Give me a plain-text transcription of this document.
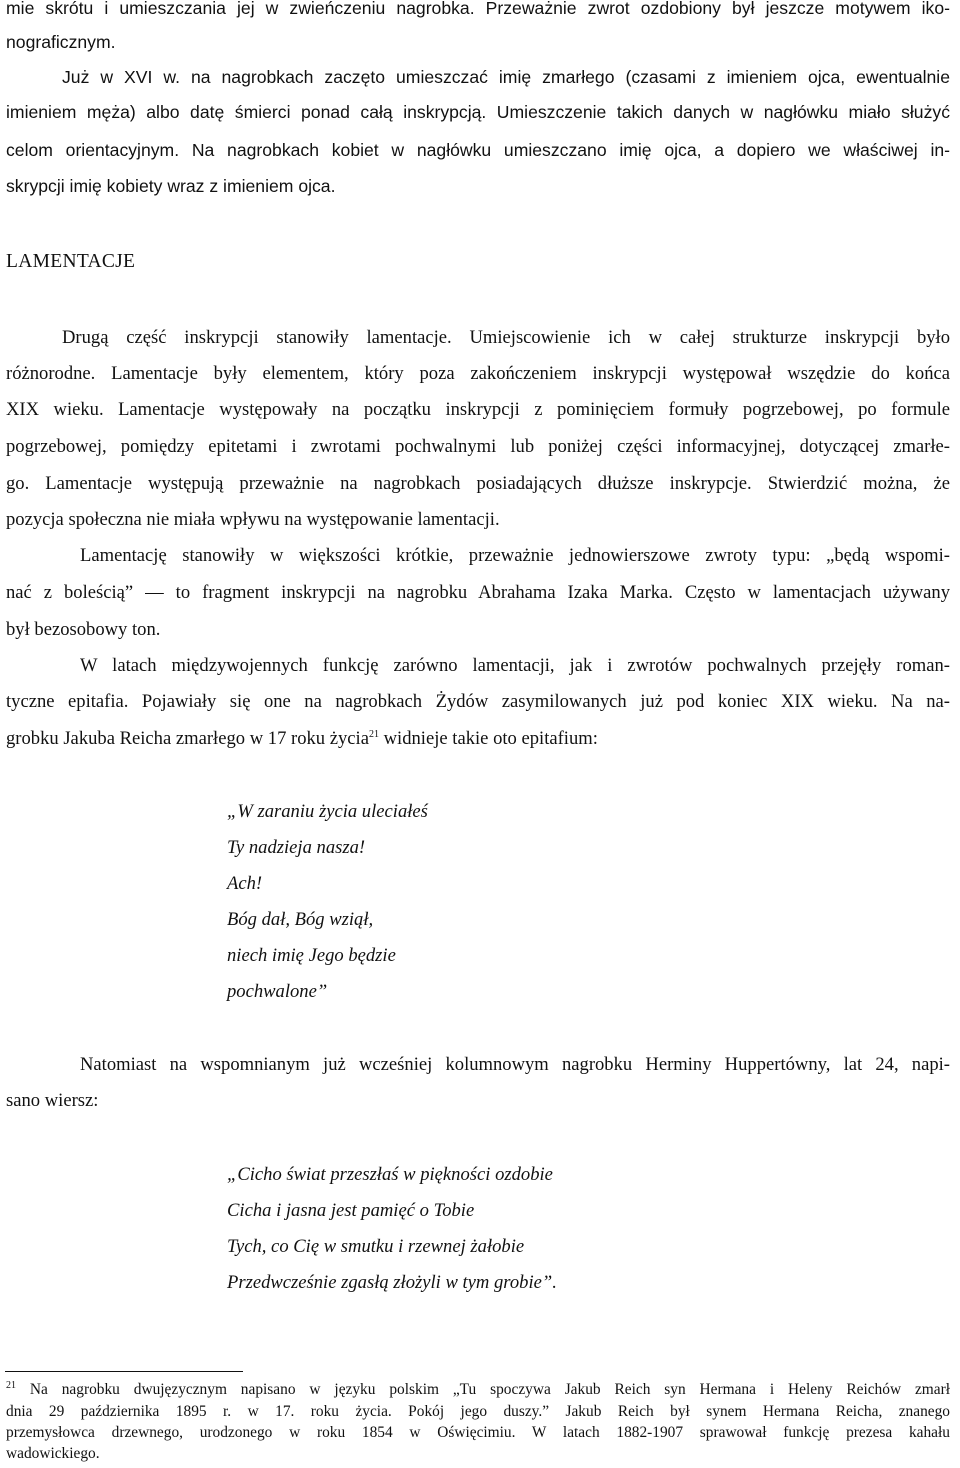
mie skrótu i umieszczania jej w zwieńczeniu nagrobka. Przeważnie zwrot ozdobiony był jeszcze motywem iko-
nograficznym.
Już w XVI w. na nagrobkach zaczęto umieszczać imię zmarłego (czasami z imieniem ojca, ewentualnie
imieniem męża) albo datę śmierci ponad całą inskrypcją. Umieszczenie takich danych w nagłówku miało służyć
celom orientacyjnym. Na nagrobkach kobiet w nagłówku umieszczano imię ojca, a dopiero we właściwej in-
skrypcji imię kobiety wraz z imieniem ojca.
LAMENTACJE
Drugą część inskrypcji stanowiły lamentacje. Umiejscowienie ich w całej strukturze inskrypcji było
różnorodne. Lamentacje były elementem, który poza zakończeniem inskrypcji występował wszędzie do końca
XIX wieku. Lamentacje występowały na początku inskrypcji z pominięciem formuły pogrzebowej, po formule
pogrzebowej, pomiędzy epitetami i zwrotami pochwalnymi lub poniżej części informacyjnej, dotyczącej zmarłe-
go. Lamentacje występują przeważnie na nagrobkach posiadających dłuższe inskrypcje. Stwierdzić można, że
pozycja społeczna nie miała wpływu na występowanie lamentacji.
Lamentację stanowiły w większości krótkie, przeważnie jednowierszowe zwroty typu: „będą wspomi-
nać z boleścią” — to fragment inskrypcji na nagrobku Abrahama Izaka Marka. Często w lamentacjach używany
był bezosobowy ton.
W latach międzywojennych funkcję zarówno lamentacji, jak i zwrotów pochwalnych przejęły roman-
tyczne epitafia. Pojawiały się one na nagrobkach Żydów zasymilowanych już pod koniec XIX wieku. Na na-
grobku Jakuba Reicha zmarłego w 17 roku życia$^{21}$ widnieje takie oto epitafium:
„W zaraniu życia uleciałeś
Ty nadzieja nasza!
Ach!
Bóg dał, Bóg wziął,
niech imię Jego będzie
pochwalone”
Natomiast na wspomnianym już wcześniej kolumnowym nagrobku Herminy Huppertówny, lat 24, napi-
sano wiersz:
„Cicho świat przeszłaś w piękności ozdobie
Cicha i jasna jest pamięć o Tobie
Tych, co Cię w smutku i rzewnej żałobie
Przedwcześnie zgasłą złożyli w tym grobie”.
$^{21}$ Na nagrobku dwujęzycznym napisano w języku polskim „Tu spoczywa Jakub Reich syn Hermana i Heleny Reichów zmarł
dnia 29 października 1895 r. w 17. roku życia. Pokój jego duszy.” Jakub Reich był synem Hermana Reicha, znanego
przemysłowca drzewnego, urodzonego w roku 1854 w Oświęcimiu. W latach 1882-1907 sprawował funkcję prezesa kahału
wadowickiego.
